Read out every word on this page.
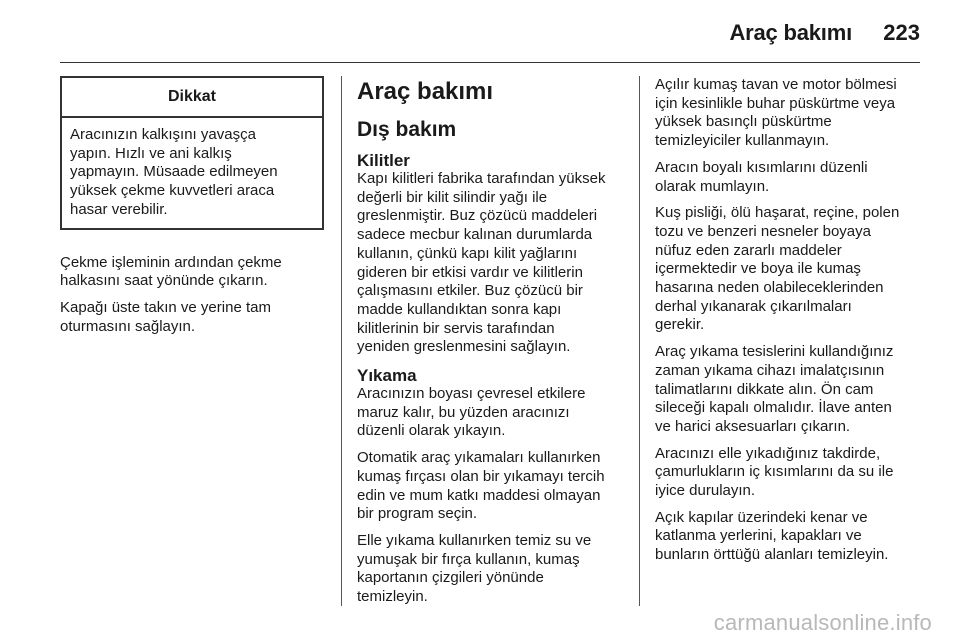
Araç bakımı 223
Dikkat
Aracınızın kalkışını yavaşça
yapın. Hızlı ve ani kalkış
yapmayın. Müsaade edilmeyen
yüksek çekme kuvvetleri araca
hasar verebilir.

Çekme işleminin ardından çekme
halkasını saat yönünde çıkarın.

Kapağı üste takın ve yerine tam
oturmasını sağlayın.

Araç bakımı
Dış bakım
Kilitler

Kapı kilitleri fabrika tarafından yüksek
değerli bir kilit silindir yağı ile
greslenmiştir. Buz çözücü maddeleri
sadece mecbur kalınan durumlarda
kullanın, çünkü kapı kilit yağlarını
gideren bir etkisi vardır ve kilitlerin
çalışmasını etkiler. Buz çözücü bir
madde kullandıktan sonra kapı
kilitlerinin bir servis tarafından
yeniden greslenmesini sağlayın.

Yıkama

Aracınızın boyası çevresel etkilere
maruz kalır, bu yüzden aracınızı
düzenli olarak yıkayın.

Otomatik araç yıkamaları kullanırken
kumaş fırçası olan bir yıkamayı tercih
edin ve mum katkı maddesi olmayan
bir program seçin.

Elle yıkama kullanırken temiz su ve
yumuşak bir fırça kullanın, kumaş
kaportanın çizgileri yönünde
temizleyin.

Açılır kumaş tavan ve motor bölmesi
için kesinlikle buhar püskürtme veya
yüksek basınçlı püskürtme
temizleyiciler kullanmayın.

Aracın boyalı kısımlarını düzenli
olarak mumlayın.

Kuş pisliği, ölü haşarat, reçine, polen
tozu ve benzeri nesneler boyaya
nüfuz eden zararlı maddeler
içermektedir ve boya ile kumaş
hasarına neden olabileceklerinden
derhal yıkanarak çıkarılmaları
gerekir.

Araç yıkama tesislerini kullandığınız
zaman yıkama cihazı imalatçısının
talimatlarını dikkate alın. Ön cam
sileceği kapalı olmalıdır. İlave anten
ve harici aksesuarları çıkarın.

Aracınızı elle yıkadığınız takdirde,
çamurlukların iç kısımlarını da su ile
iyice durulayın.

Açık kapılar üzerindeki kenar ve
katlanma yerlerini, kapakları ve
bunların örttüğü alanları temizleyin.

carmanualsonline.info
